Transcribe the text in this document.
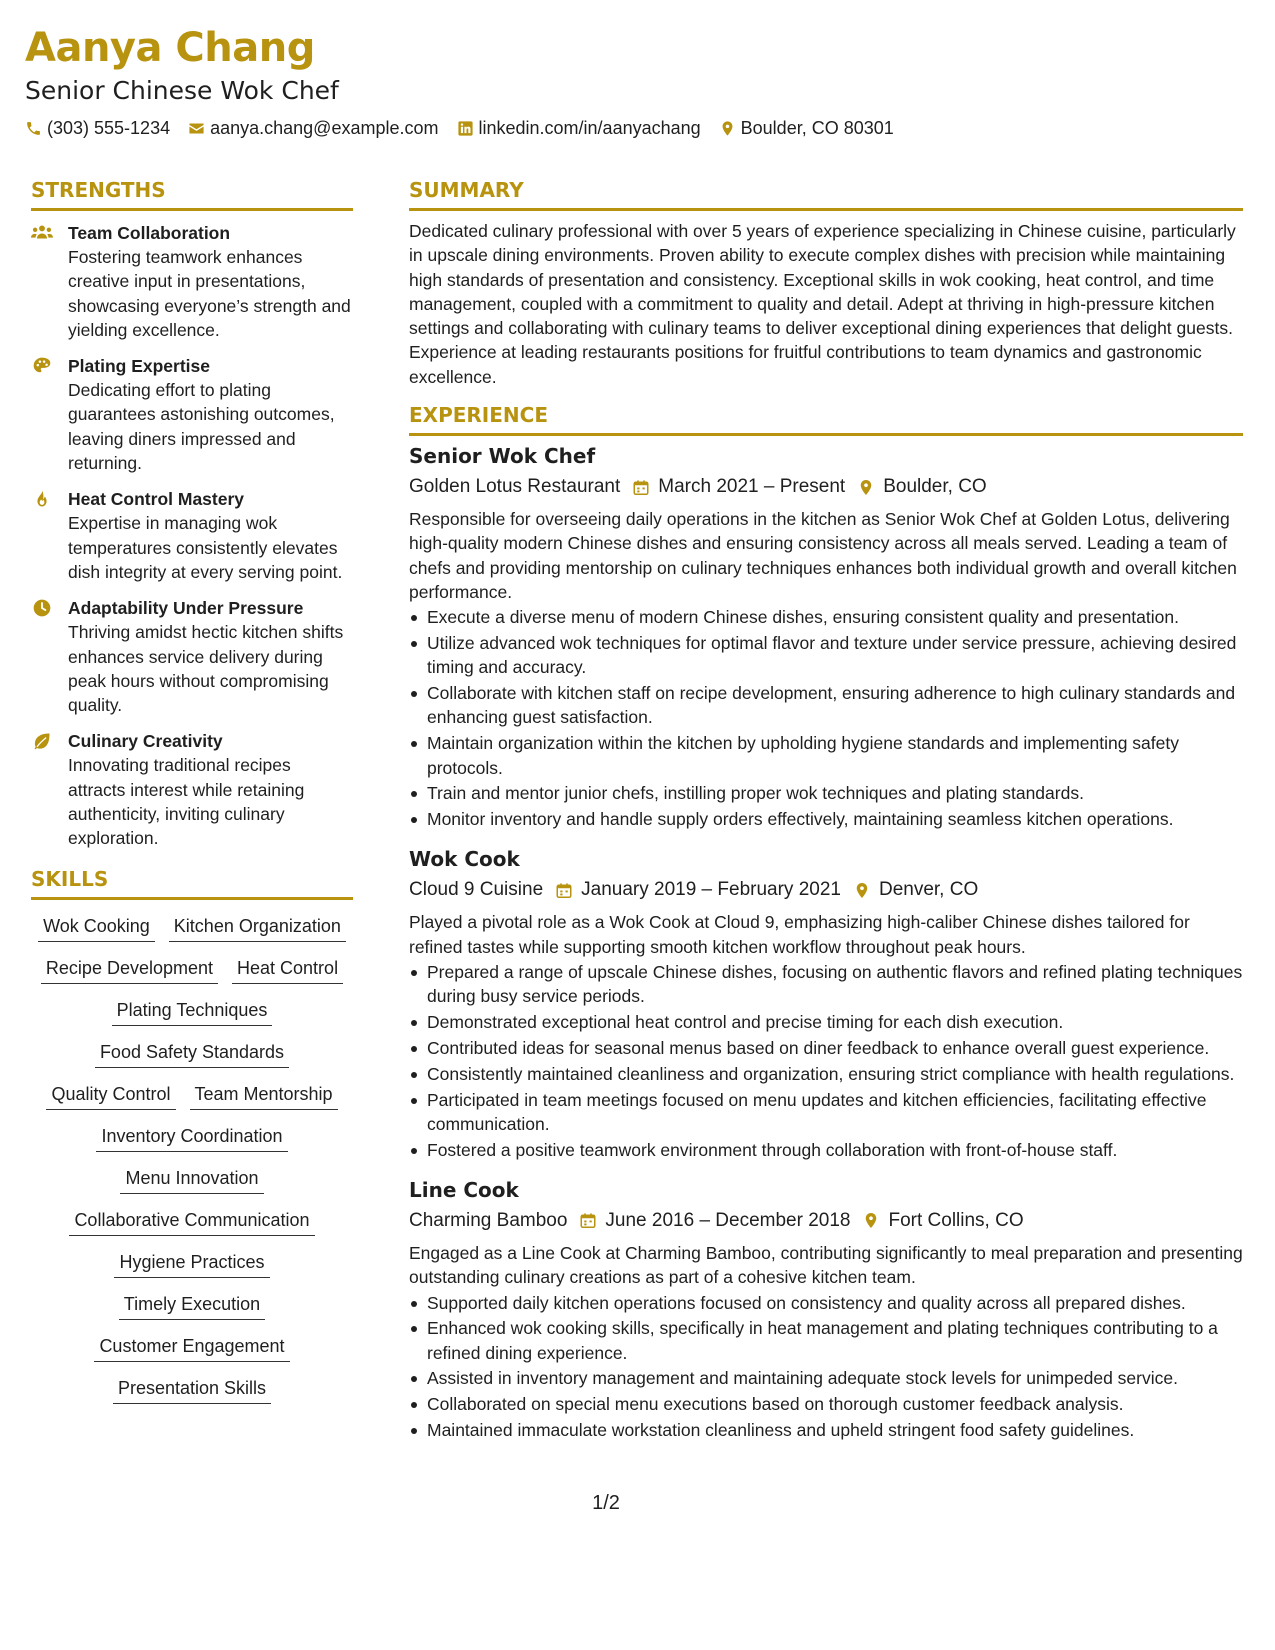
Aanya Chang
Senior Chinese Wok Chef
(303) 555-1234 aanya.chang@example.com linkedin.com/in/aanyachang Boulder, CO 80301
STRENGTHS
Team Collaboration
Fostering teamwork enhances creative input in presentations, showcasing everyone’s strength and yielding excellence.
Plating Expertise
Dedicating effort to plating guarantees astonishing outcomes, leaving diners impressed and returning.
Heat Control Mastery
Expertise in managing wok temperatures consistently elevates dish integrity at every serving point.
Adaptability Under Pressure
Thriving amidst hectic kitchen shifts enhances service delivery during peak hours without compromising quality.
Culinary Creativity
Innovating traditional recipes attracts interest while retaining authenticity, inviting culinary exploration.
SKILLS
Wok Cooking Kitchen Organization
Recipe Development Heat Control
Plating Techniques
Food Safety Standards
Quality Control Team Mentorship
Inventory Coordination
Menu Innovation
Collaborative Communication
Hygiene Practices
Timely Execution
Customer Engagement
Presentation Skills
SUMMARY
Dedicated culinary professional with over 5 years of experience specializing in Chinese cuisine, particularly in upscale dining environments. Proven ability to execute complex dishes with precision while maintaining high standards of presentation and consistency. Exceptional skills in wok cooking, heat control, and time management, coupled with a commitment to quality and detail. Adept at thriving in high-pressure kitchen settings and collaborating with culinary teams to deliver exceptional dining experiences that delight guests. Experience at leading restaurants positions for fruitful contributions to team dynamics and gastronomic excellence.
EXPERIENCE
Senior Wok Chef
Golden Lotus Restaurant March 2021 – Present Boulder, CO
Responsible for overseeing daily operations in the kitchen as Senior Wok Chef at Golden Lotus, delivering high-quality modern Chinese dishes and ensuring consistency across all meals served. Leading a team of chefs and providing mentorship on culinary techniques enhances both individual growth and overall kitchen performance.
Execute a diverse menu of modern Chinese dishes, ensuring consistent quality and presentation.
Utilize advanced wok techniques for optimal flavor and texture under service pressure, achieving desired timing and accuracy.
Collaborate with kitchen staff on recipe development, ensuring adherence to high culinary standards and enhancing guest satisfaction.
Maintain organization within the kitchen by upholding hygiene standards and implementing safety protocols.
Train and mentor junior chefs, instilling proper wok techniques and plating standards.
Monitor inventory and handle supply orders effectively, maintaining seamless kitchen operations.
Wok Cook
Cloud 9 Cuisine January 2019 – February 2021 Denver, CO
Played a pivotal role as a Wok Cook at Cloud 9, emphasizing high-caliber Chinese dishes tailored for refined tastes while supporting smooth kitchen workflow throughout peak hours.
Prepared a range of upscale Chinese dishes, focusing on authentic flavors and refined plating techniques during busy service periods.
Demonstrated exceptional heat control and precise timing for each dish execution.
Contributed ideas for seasonal menus based on diner feedback to enhance overall guest experience.
Consistently maintained cleanliness and organization, ensuring strict compliance with health regulations.
Participated in team meetings focused on menu updates and kitchen efficiencies, facilitating effective communication.
Fostered a positive teamwork environment through collaboration with front-of-house staff.
Line Cook
Charming Bamboo June 2016 – December 2018 Fort Collins, CO
Engaged as a Line Cook at Charming Bamboo, contributing significantly to meal preparation and presenting outstanding culinary creations as part of a cohesive kitchen team.
Supported daily kitchen operations focused on consistency and quality across all prepared dishes.
Enhanced wok cooking skills, specifically in heat management and plating techniques contributing to a refined dining experience.
Assisted in inventory management and maintaining adequate stock levels for unimpeded service.
Collaborated on special menu executions based on thorough customer feedback analysis.
Maintained immaculate workstation cleanliness and upheld stringent food safety guidelines.
1/2
